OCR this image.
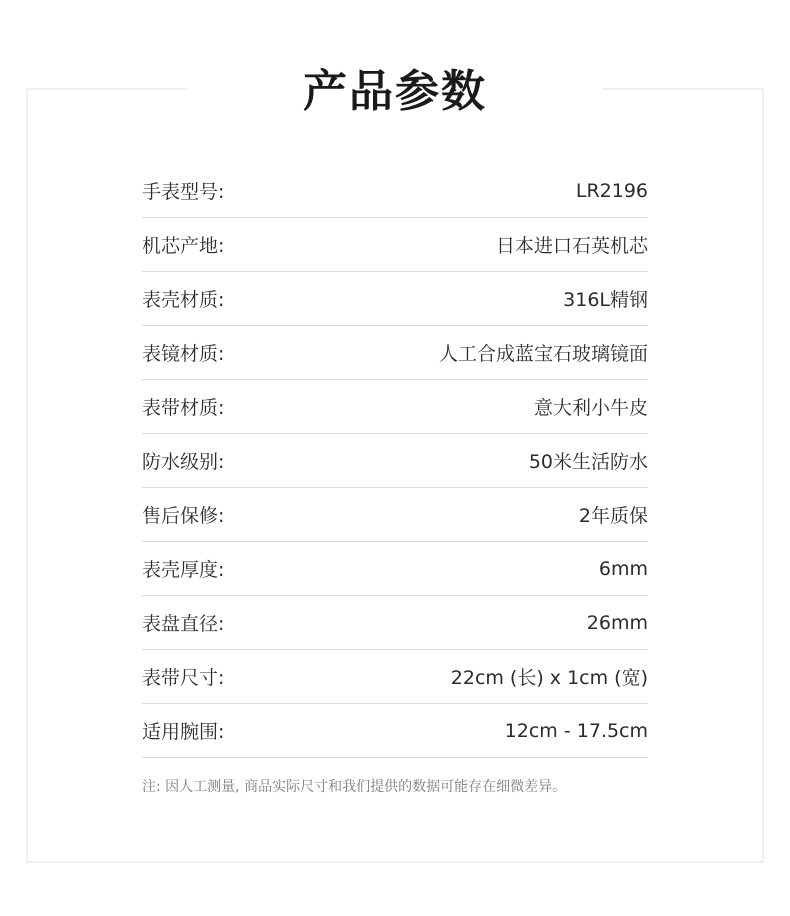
产品参数
手表型号:	LR2196
机芯产地:	日本进口石英机芯
表壳材质:	316L精钢
表镜材质:	人工合成蓝宝石玻璃镜面
表带材质:	意大利小牛皮
防水级别:	50米生活防水
售后保修:	2年质保
表壳厚度:	6mm
表盘直径:	26mm
表带尺寸:	22cm (长) x 1cm (宽)
适用腕围:	12cm - 17.5cm
注: 因人工测量, 商品实际尺寸和我们提供的数据可能存在细微差异。
